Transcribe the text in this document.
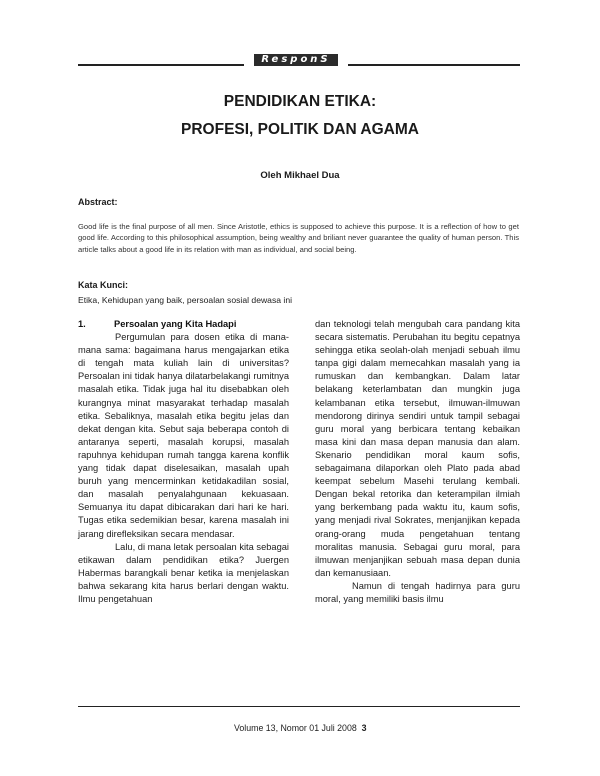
ResponS
PENDIDIKAN ETIKA:
PROFESI, POLITIK DAN AGAMA
Oleh Mikhael Dua
Abstract:
Good life is the final purpose of all men. Since Aristotle, ethics is supposed to achieve this purpose. It is a reflection of how to get good life. According to this philosophical assumption, being wealthy and briliant never guarantee the quality of human person. This article talks about a good life in its relation with man as individual, and social being.
Kata Kunci:
Etika, Kehidupan yang baik, persoalan sosial dewasa ini

1.	Persoalan yang Kita Hadapi

Pergumulan para dosen etika di mana-mana sama: bagaimana harus mengajarkan etika di tengah mata kuliah lain di universitas? Persoalan ini tidak hanya dilatarbelakangi rumitnya masalah etika. Tidak juga hal itu disebabkan oleh kurangnya minat masyarakat terhadap masalah etika. Sebaliknya, masalah etika begitu jelas dan dekat dengan kita. Sebut saja beberapa contoh di antaranya seperti, masalah korupsi, masalah rapuhnya kehidupan rumah tangga karena konflik yang tidak dapat diselesaikan, masalah upah buruh yang mencerminkan ketidakadilan sosial, dan masalah penyalahgunaan kekuasaan. Semuanya itu dapat dibicarakan dari hari ke hari. Tugas etika sedemikian besar, karena masalah ini jarang direfleksikan secara mendasar.

Lalu, di mana letak persoalan kita sebagai etikawan dalam pendidikan etika? Juergen Habermas barangkali benar ketika ia menjelaskan bahwa sekarang kita harus berlari dengan waktu. Ilmu pengetahuan

dan teknologi telah mengubah cara pandang kita secara sistematis. Perubahan itu begitu cepatnya sehingga etika seolah-olah menjadi sebuah ilmu tanpa gigi dalam memecahkan masalah yang ia rumuskan dan kembangkan. Dalam latar belakang keterlambatan dan mungkin juga kelambanan etika tersebut, ilmuwan-ilmuwan mendorong dirinya sendiri untuk tampil sebagai guru moral yang berbicara tentang kebaikan masa kini dan masa depan manusia dan alam. Skenario pendidikan moral kaum sofis, sebagaimana dilaporkan oleh Plato pada abad keempat sebelum Masehi terulang kembali. Dengan bekal retorika dan keterampilan ilmiah yang berkembang pada waktu itu, kaum sofis, yang menjadi rival Sokrates, menjanjikan kepada orang-orang muda pengetahuan tentang moralitas manusia. Sebagai guru moral, para ilmuwan menjanjikan sebuah masa depan dunia dan kemanusiaan.

Namun di tengah hadirnya para guru moral, yang memiliki basis ilmu

Volume 13, Nomor 01 Juli 2008 3
